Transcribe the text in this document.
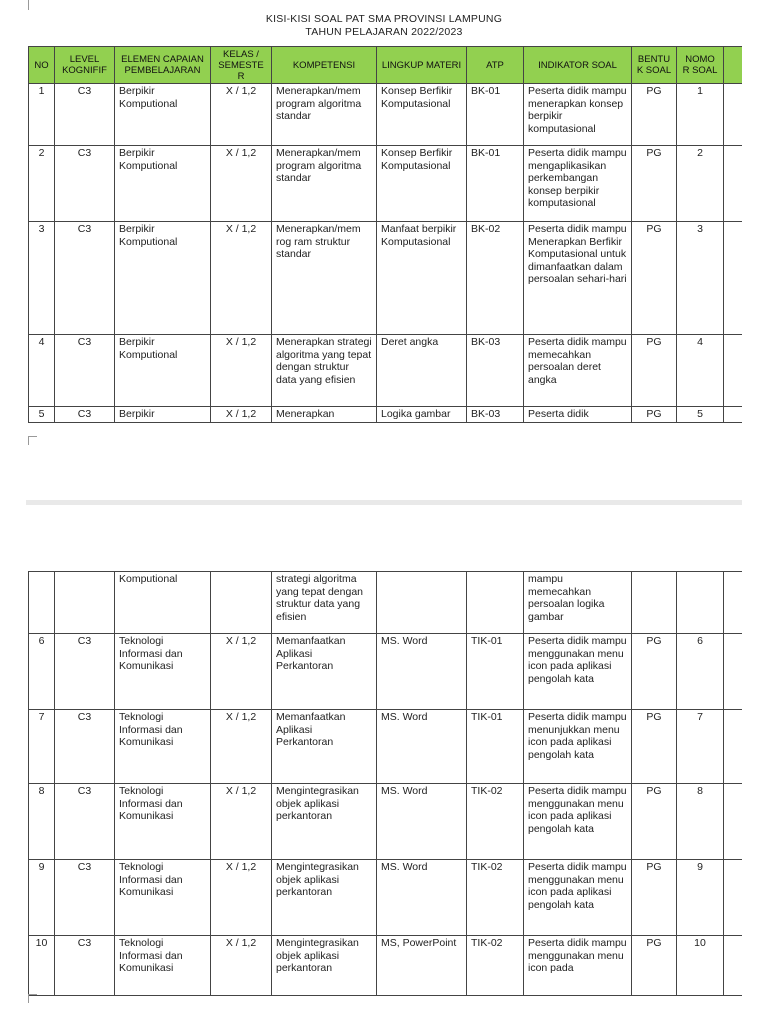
KISI-KISI SOAL PAT SMA PROVINSI LAMPUNG
TAHUN PELAJARAN 2022/2023
NO	LEVEL KOGNIFIF	ELEMEN CAPAIAN PEMBELAJARAN	KELAS / SEMESTE R	KOMPETENSI	LINGKUP MATERI	ATP	INDIKATOR SOAL	BENTUK SOAL	NOMO R SOAL	
1	C3	Berpikir Komputional	X / 1,2	Menerapkan/mem program algoritma standar	Konsep Berfikir Komputasional	BK-01	Peserta didik mampu menerapkan konsep berpikir komputasional	PG	1	
2	C3	Berpikir Komputional	X / 1,2	Menerapkan/mem program algoritma standar	Konsep Berfikir Komputasional	BK-01	Peserta didik mampu mengaplikasikan perkembangan konsep berpikir komputasional	PG	2	
3	C3	Berpikir Komputional	X / 1,2	Menerapkan/mem rog ram struktur standar	Manfaat berpikir Komputasional	BK-02	Peserta didik mampu Menerapkan Berfikir Komputasional untuk dimanfaatkan dalam persoalan sehari-hari	PG	3	
4	C3	Berpikir Komputional	X / 1,2	Menerapkan strategi algoritma yang tepat dengan struktur data yang efisien	Deret angka	BK-03	Peserta didik mampu memecahkan persoalan deret angka	PG	4	
5	C3	Berpikir	X / 1,2	Menerapkan	Logika gambar	BK-03	Peserta didik	PG	5	
		Komputional		strategi algoritma yang tepat dengan struktur data yang efisien			mampu memecahkan persoalan logika gambar			
6	C3	Teknologi Informasi dan Komunikasi	X / 1,2	Memanfaatkan Aplikasi Perkantoran	MS. Word	TIK-01	Peserta didik mampu menggunakan menu icon pada aplikasi pengolah kata	PG	6	
7	C3	Teknologi Informasi dan Komunikasi	X / 1,2	Memanfaatkan Aplikasi Perkantoran	MS. Word	TIK-01	Peserta didik mampu menunjukkan menu icon pada aplikasi pengolah kata	PG	7	
8	C3	Teknologi Informasi dan Komunikasi	X / 1,2	Mengintegrasikan objek aplikasi perkantoran	MS. Word	TIK-02	Peserta didik mampu menggunakan menu icon pada aplikasi pengolah kata	PG	8	
9	C3	Teknologi Informasi dan Komunikasi	X / 1,2	Mengintegrasikan objek aplikasi perkantoran	MS. Word	TIK-02	Peserta didik mampu menggunakan menu icon pada aplikasi pengolah kata	PG	9	
10	C3	Teknologi Informasi dan Komunikasi	X / 1,2	Mengintegrasikan objek aplikasi perkantoran	MS, PowerPoint	TIK-02	Peserta didik mampu menggunakan menu icon pada	PG	10	
